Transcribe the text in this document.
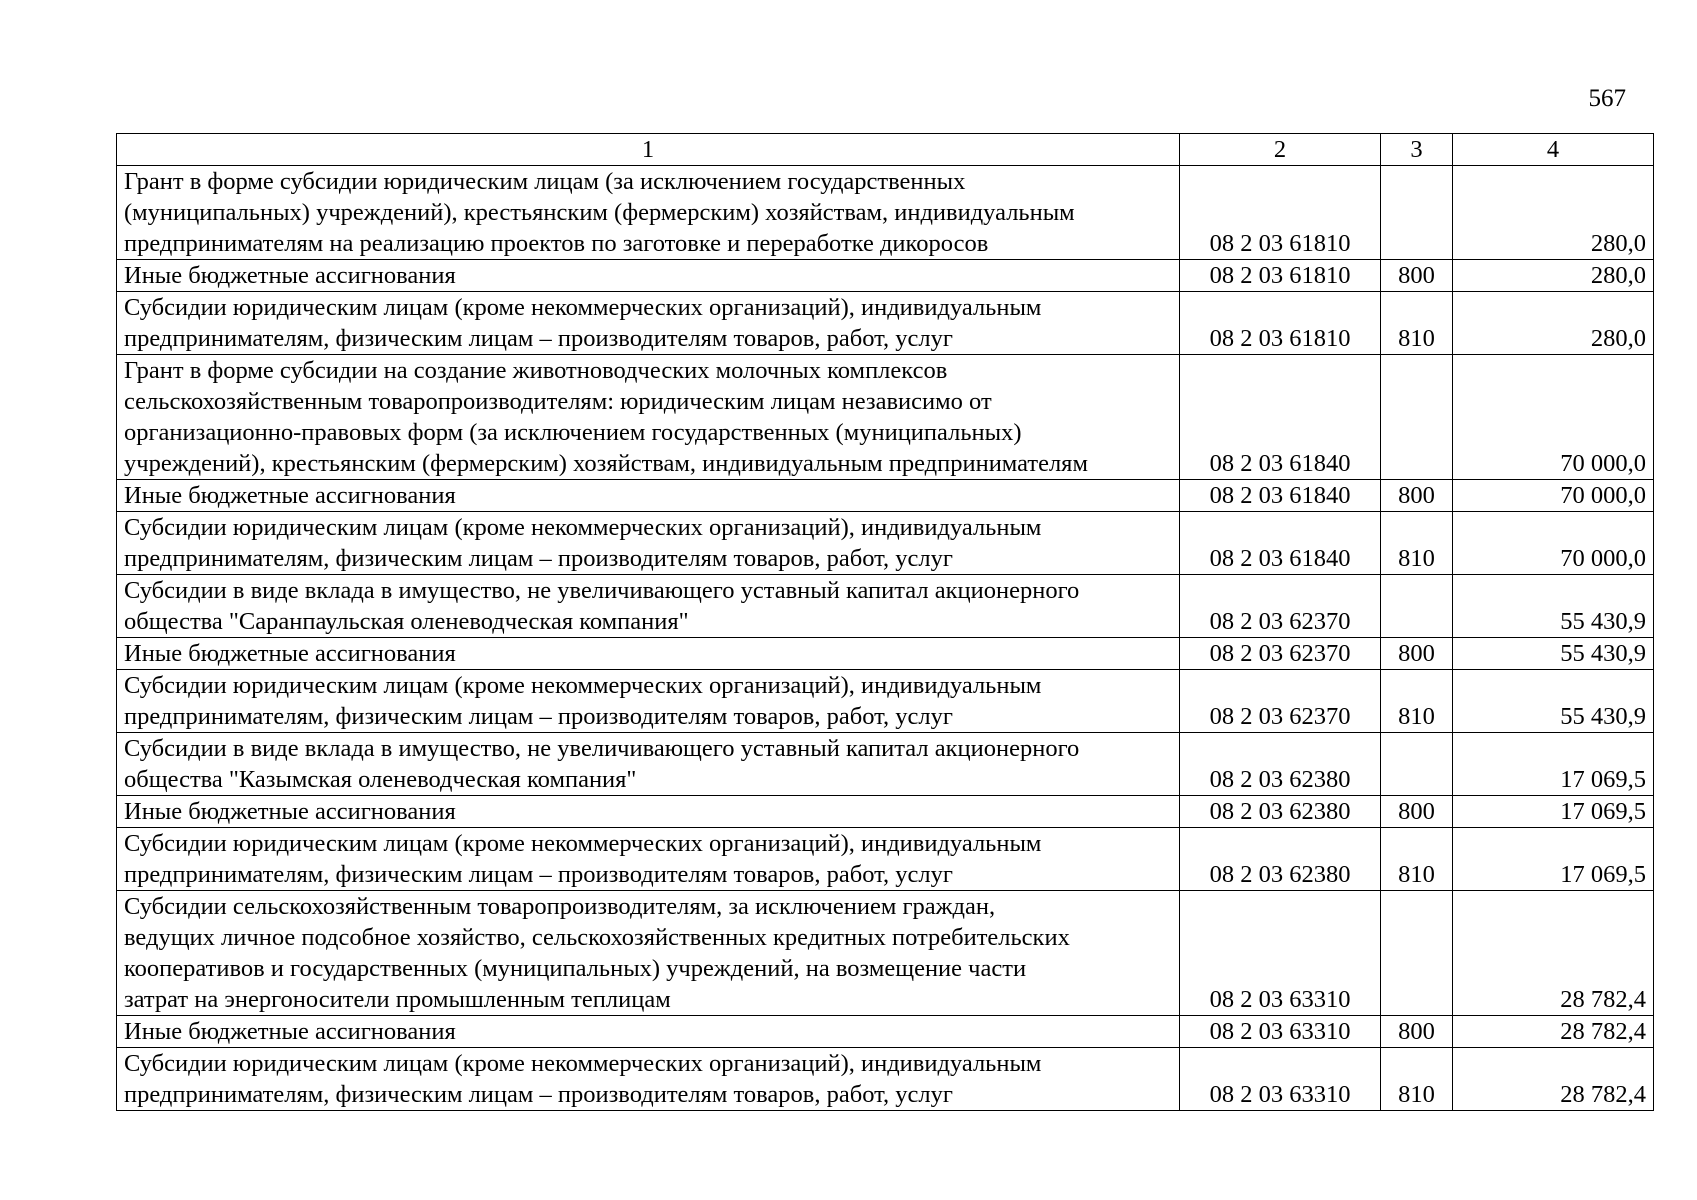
567
1	2	3	4
Грант в форме субсидии юридическим лицам (за исключением государственных
(муниципальных) учреждений), крестьянским (фермерским) хозяйствам, индивидуальным
предпринимателям на реализацию проектов по заготовке и переработке дикоросов	08 2 03 61810		280,0
Иные бюджетные ассигнования	08 2 03 61810	800	280,0
Субсидии юридическим лицам (кроме некоммерческих организаций), индивидуальным
предпринимателям, физическим лицам – производителям товаров, работ, услуг	08 2 03 61810	810	280,0
Грант в форме субсидии на создание животноводческих молочных комплексов
сельскохозяйственным товаропроизводителям: юридическим лицам независимо от
организационно-правовых форм (за исключением государственных (муниципальных)
учреждений), крестьянским (фермерским) хозяйствам, индивидуальным предпринимателям	08 2 03 61840		70 000,0
Иные бюджетные ассигнования	08 2 03 61840	800	70 000,0
Субсидии юридическим лицам (кроме некоммерческих организаций), индивидуальным
предпринимателям, физическим лицам – производителям товаров, работ, услуг	08 2 03 61840	810	70 000,0
Субсидии в виде вклада в имущество, не увеличивающего уставный капитал акционерного
общества "Саранпаульская оленеводческая компания"	08 2 03 62370		55 430,9
Иные бюджетные ассигнования	08 2 03 62370	800	55 430,9
Субсидии юридическим лицам (кроме некоммерческих организаций), индивидуальным
предпринимателям, физическим лицам – производителям товаров, работ, услуг	08 2 03 62370	810	55 430,9
Субсидии в виде вклада в имущество, не увеличивающего уставный капитал акционерного
общества "Казымская оленеводческая компания"	08 2 03 62380		17 069,5
Иные бюджетные ассигнования	08 2 03 62380	800	17 069,5
Субсидии юридическим лицам (кроме некоммерческих организаций), индивидуальным
предпринимателям, физическим лицам – производителям товаров, работ, услуг	08 2 03 62380	810	17 069,5
Субсидии сельскохозяйственным товаропроизводителям, за исключением граждан,
ведущих личное подсобное хозяйство, сельскохозяйственных кредитных потребительских
кооперативов и государственных (муниципальных) учреждений, на возмещение части
затрат на энергоносители промышленным теплицам	08 2 03 63310		28 782,4
Иные бюджетные ассигнования	08 2 03 63310	800	28 782,4
Субсидии юридическим лицам (кроме некоммерческих организаций), индивидуальным
предпринимателям, физическим лицам – производителям товаров, работ, услуг	08 2 03 63310	810	28 782,4
